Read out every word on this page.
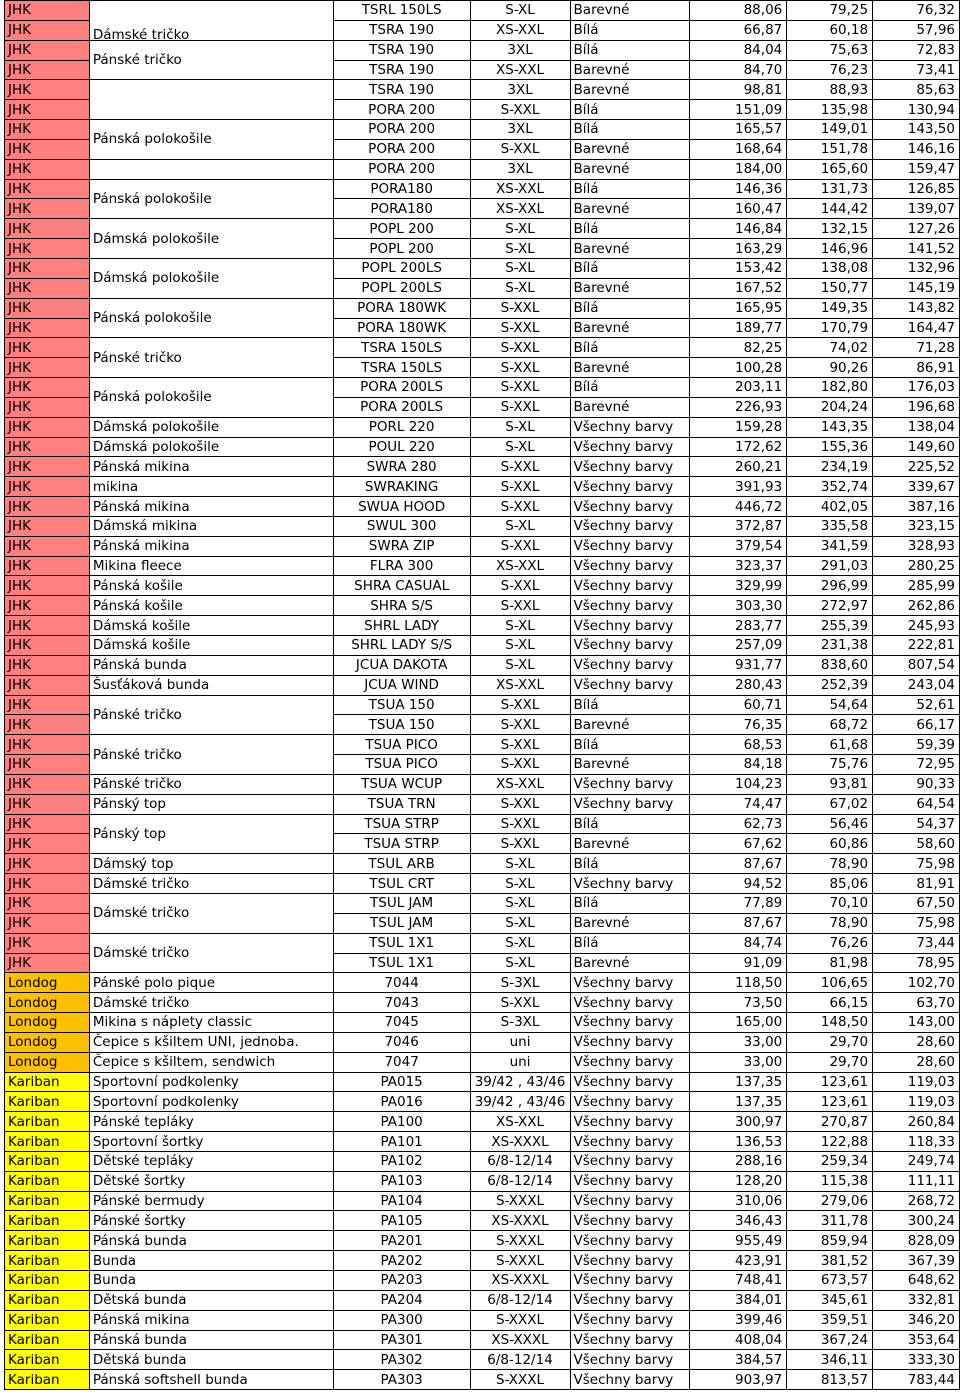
JHK	Dámské tričko	TSRL 150LS	S-XL	Barevné	88,06	79,25	76,32
JHK		TSRA 190	XS-XXL	Bílá	66,87	60,18	57,96
JHK	Pánské tričko	TSRA 190	3XL	Bílá	84,04	75,63	72,83
JHK		TSRA 190	XS-XXL	Barevné	84,70	76,23	73,41
JHK		TSRA 190	3XL	Barevné	98,81	88,93	85,63
JHK		PORA 200	S-XXL	Bílá	151,09	135,98	130,94
JHK	Pánská polokošile	PORA 200	3XL	Bílá	165,57	149,01	143,50
JHK		PORA 200	S-XXL	Barevné	168,64	151,78	146,16
JHK		PORA 200	3XL	Barevné	184,00	165,60	159,47
JHK	Pánská polokošile	PORA180	XS-XXL	Bílá	146,36	131,73	126,85
JHK		PORA180	XS-XXL	Barevné	160,47	144,42	139,07
JHK	Dámská polokošile	POPL 200	S-XL	Bílá	146,84	132,15	127,26
JHK		POPL 200	S-XL	Barevné	163,29	146,96	141,52
JHK	Dámská polokošile	POPL 200LS	S-XL	Bílá	153,42	138,08	132,96
JHK		POPL 200LS	S-XL	Barevné	167,52	150,77	145,19
JHK	Pánská polokošile	PORA 180WK	S-XXL	Bílá	165,95	149,35	143,82
JHK		PORA 180WK	S-XXL	Barevné	189,77	170,79	164,47
JHK	Pánské tričko	TSRA 150LS	S-XXL	Bílá	82,25	74,02	71,28
JHK		TSRA 150LS	S-XXL	Barevné	100,28	90,26	86,91
JHK	Pánská polokošile	PORA 200LS	S-XXL	Bílá	203,11	182,80	176,03
JHK		PORA 200LS	S-XXL	Barevné	226,93	204,24	196,68
JHK	Dámská polokošile	PORL 220	S-XL	Všechny barvy	159,28	143,35	138,04
JHK	Dámská polokošile	POUL 220	S-XL	Všechny barvy	172,62	155,36	149,60
JHK	Pánská mikina	SWRA 280	S-XXL	Všechny barvy	260,21	234,19	225,52
JHK	mikina	SWRAKING	S-XXL	Všechny barvy	391,93	352,74	339,67
JHK	Pánská mikina	SWUA HOOD	S-XXL	Všechny barvy	446,72	402,05	387,16
JHK	Dámská mikina	SWUL 300	S-XL	Všechny barvy	372,87	335,58	323,15
JHK	Pánská mikina	SWRA ZIP	S-XXL	Všechny barvy	379,54	341,59	328,93
JHK	Mikina fleece	FLRA 300	XS-XXL	Všechny barvy	323,37	291,03	280,25
JHK	Pánská košile	SHRA CASUAL	S-XXL	Všechny barvy	329,99	296,99	285,99
JHK	Pánská košile	SHRA S/S	S-XXL	Všechny barvy	303,30	272,97	262,86
JHK	Dámská košile	SHRL LADY	S-XL	Všechny barvy	283,77	255,39	245,93
JHK	Dámská košile	SHRL LADY S/S	S-XL	Všechny barvy	257,09	231,38	222,81
JHK	Pánská bunda	JCUA DAKOTA	S-XL	Všechny barvy	931,77	838,60	807,54
JHK	Šusťáková bunda	JCUA WIND	XS-XXL	Všechny barvy	280,43	252,39	243,04
JHK	Pánské tričko	TSUA 150	S-XXL	Bílá	60,71	54,64	52,61
JHK		TSUA 150	S-XXL	Barevné	76,35	68,72	66,17
JHK	Pánské tričko	TSUA PICO	S-XXL	Bílá	68,53	61,68	59,39
JHK		TSUA PICO	S-XXL	Barevné	84,18	75,76	72,95
JHK	Pánské tričko	TSUA WCUP	XS-XXL	Všechny barvy	104,23	93,81	90,33
JHK	Pánský top	TSUA TRN	S-XXL	Všechny barvy	74,47	67,02	64,54
JHK	Pánský top	TSUA STRP	S-XXL	Bílá	62,73	56,46	54,37
JHK		TSUA STRP	S-XXL	Barevné	67,62	60,86	58,60
JHK	Dámský top	TSUL ARB	S-XL	Bílá	87,67	78,90	75,98
JHK	Dámské tričko	TSUL CRT	S-XL	Všechny barvy	94,52	85,06	81,91
JHK	Dámské tričko	TSUL JAM	S-XL	Bílá	77,89	70,10	67,50
JHK		TSUL JAM	S-XL	Barevné	87,67	78,90	75,98
JHK	Dámské tričko	TSUL 1X1	S-XL	Bílá	84,74	76,26	73,44
JHK		TSUL 1X1	S-XL	Barevné	91,09	81,98	78,95
Londog	Pánské polo pique	7044	S-3XL	Všechny barvy	118,50	106,65	102,70
Londog	Dámské tričko	7043	S-XXL	Všechny barvy	73,50	66,15	63,70
Londog	Mikina s náplety classic	7045	S-3XL	Všechny barvy	165,00	148,50	143,00
Londog	Čepice s kšiltem UNI, jednoba.	7046	uni	Všechny barvy	33,00	29,70	28,60
Londog	Čepice s kšiltem, sendwich	7047	uni	Všechny barvy	33,00	29,70	28,60
Kariban	Sportovní podkolenky	PA015	39/42 , 43/46	Všechny barvy	137,35	123,61	119,03
Kariban	Sportovní podkolenky	PA016	39/42 , 43/46	Všechny barvy	137,35	123,61	119,03
Kariban	Pánské tepláky	PA100	XS-XXL	Všechny barvy	300,97	270,87	260,84
Kariban	Sportovní šortky	PA101	XS-XXXL	Všechny barvy	136,53	122,88	118,33
Kariban	Dětské tepláky	PA102	6/8-12/14	Všechny barvy	288,16	259,34	249,74
Kariban	Dětské šortky	PA103	6/8-12/14	Všechny barvy	128,20	115,38	111,11
Kariban	Pánské bermudy	PA104	S-XXXL	Všechny barvy	310,06	279,06	268,72
Kariban	Pánské šortky	PA105	XS-XXXL	Všechny barvy	346,43	311,78	300,24
Kariban	Pánská bunda	PA201	S-XXXL	Všechny barvy	955,49	859,94	828,09
Kariban	Bunda	PA202	S-XXXL	Všechny barvy	423,91	381,52	367,39
Kariban	Bunda	PA203	XS-XXXL	Všechny barvy	748,41	673,57	648,62
Kariban	Dětská bunda	PA204	6/8-12/14	Všechny barvy	384,01	345,61	332,81
Kariban	Pánská mikina	PA300	S-XXXL	Všechny barvy	399,46	359,51	346,20
Kariban	Pánská bunda	PA301	XS-XXXL	Všechny barvy	408,04	367,24	353,64
Kariban	Dětská bunda	PA302	6/8-12/14	Všechny barvy	384,57	346,11	333,30
Kariban	Pánská softshell bunda	PA303	S-XXXL	Všechny barvy	903,97	813,57	783,44
